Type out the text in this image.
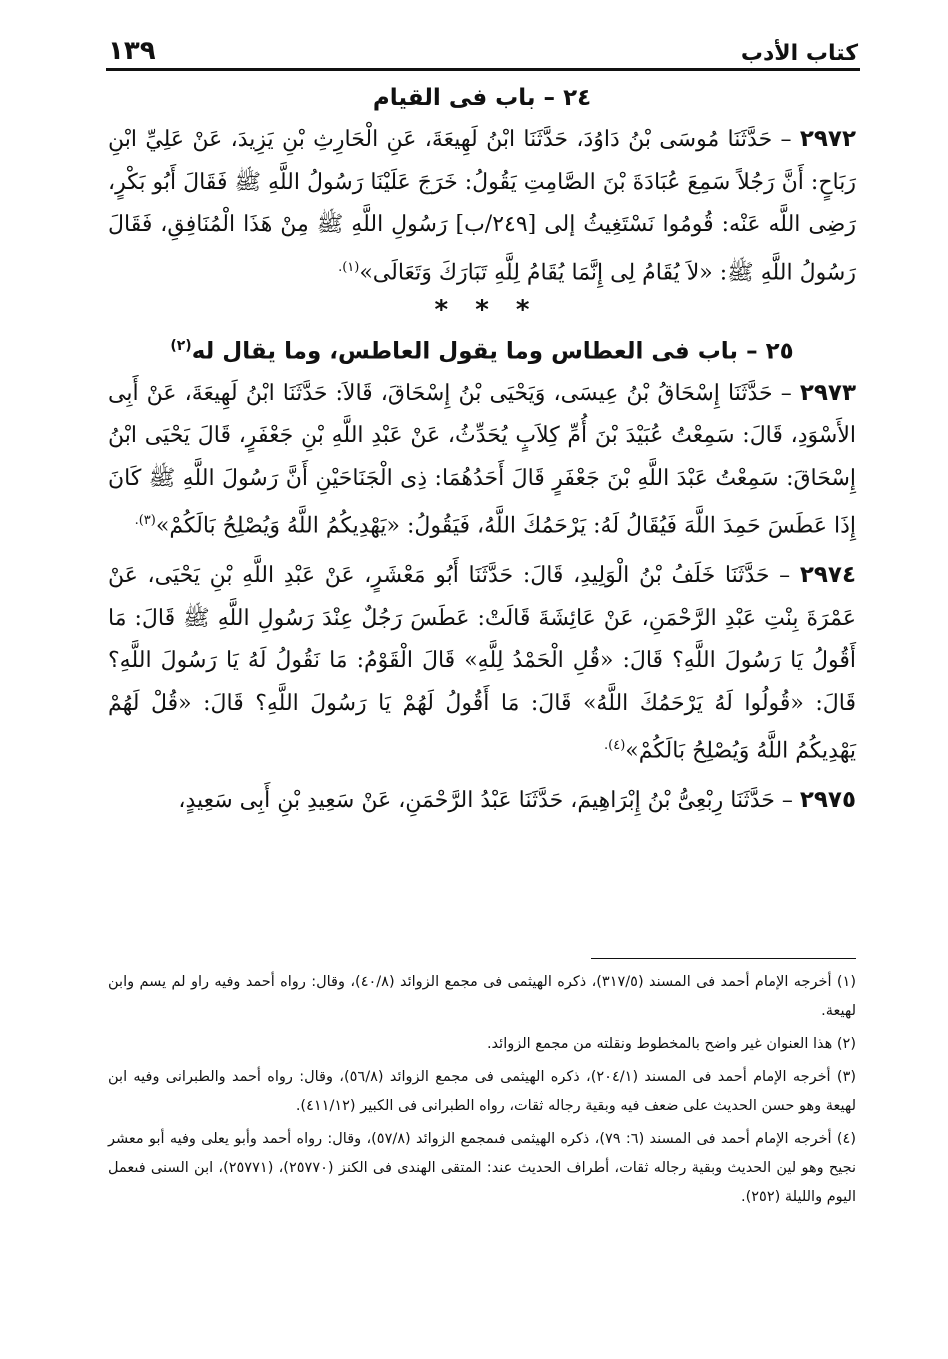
كتاب الأدب
١٣٩
٢٤ – باب فى القيام

٢٩٧٢ – حَدَّثَنَا مُوسَى بْنُ دَاوُدَ، حَدَّثَنَا ابْنُ لَهِيعَةَ، عَنِ الْحَارِثِ بْنِ يَزِيدَ، عَنْ عَلِيِّ ابْنِ رَبَاحٍ: أَنَّ رَجُلاً سَمِعَ عُبَادَةَ بْنَ الصَّامِتِ يَقُولُ: خَرَجَ عَلَيْنَا رَسُولُ اللَّهِ ﷺ فَقَالَ أَبُو بَكْرٍ، رَضِى اللَّه عَنْه: قُومُوا نَسْتَغِيثُ إلى [٢٤٩/ب] رَسُولِ اللَّهِ ﷺ مِنْ هَذَا الْمُنَافِقِ، فَقَالَ رَسُولُ اللَّهِ ﷺ: «لاَ يُقَامُ لِى إِنَّمَا يُقَامُ لِلَّهِ تَبَارَكَ وَتَعَالَى»$^{(١).}$

* * *
٢٥ – باب فى العطاس وما يقول العاطس، وما يقال له$^{(٢)}$

٢٩٧٣ – حَدَّثَنَا إِسْحَاقُ بْنُ عِيسَى، وَيَحْيَى بْنُ إِسْحَاقَ، قَالاَ: حَدَّثَنَا ابْنُ لَهِيعَةَ، عَنْ أَبِى الأَسْوَدِ، قَالَ: سَمِعْتُ عُبَيْدَ بْنَ أُمِّ كِلاَبٍ يُحَدِّثُ، عَنْ عَبْدِ اللَّهِ بْنِ جَعْفَرٍ، قَالَ يَحْيَى ابْنُ إِسْحَاقَ: سَمِعْتُ عَبْدَ اللَّهِ بْنَ جَعْفَرٍ قَالَ أَحَدُهُمَا: ذِى الْجَنَاحَيْنِ أَنَّ رَسُولَ اللَّهِ ﷺ كَانَ إِذَا عَطَسَ حَمِدَ اللَّهَ فَيُقَالُ لَهُ: يَرْحَمُكَ اللَّهُ، فَيَقُولُ: «يَهْدِيكُمُ اللَّهُ وَيُصْلِحُ بَالَكُمْ»$^{(٣).}$

٢٩٧٤ – حَدَّثَنَا خَلَفُ بْنُ الْوَلِيدِ، قَالَ: حَدَّثَنَا أَبُو مَعْشَرٍ، عَنْ عَبْدِ اللَّهِ بْنِ يَحْيَى، عَنْ عَمْرَةَ بِنْتِ عَبْدِ الرَّحْمَنِ، عَنْ عَائِشَةَ قَالَتْ: عَطَسَ رَجُلٌ عِنْدَ رَسُولِ اللَّهِ ﷺ قَالَ: مَا أَقُولُ يَا رَسُولَ اللَّهِ؟ قَالَ: «قُلِ الْحَمْدُ لِلَّهِ» قَالَ الْقَوْمُ: مَا نَقُولُ لَهُ يَا رَسُولَ اللَّهِ؟ قَالَ: «قُولُوا لَهُ يَرْحَمُكَ اللَّهُ» قَالَ: مَا أَقُولُ لَهُمْ يَا رَسُولَ اللَّهِ؟ قَالَ: «قُلْ لَهُمْ يَهْدِيكُمُ اللَّهُ وَيُصْلِحُ بَالَكُمْ»$^{(٤).}$

٢٩٧٥ – حَدَّثَنَا رِبْعِىُّ بْنُ إِبْرَاهِيمَ، حَدَّثَنَا عَبْدُ الرَّحْمَنِ، عَنْ سَعِيدِ بْنِ أَبِى سَعِيدٍ،

(١) أخرجه الإمام أحمد فى المسند (٣١٧/٥)، ذكره الهيثمى فى مجمع الزوائد (٤٠/٨)، وقال: رواه أحمد وفيه راو لم يسم وابن لهيعة.

(٢) هذا العنوان غير واضح بالمخطوط ونقلته من مجمع الزوائد.

(٣) أخرجه الإمام أحمد فى المسند (٢٠٤/١)، ذكره الهيثمى فى مجمع الزوائد (٥٦/٨)، وقال: رواه أحمد والطبرانى وفيه ابن لهيعة وهو حسن الحديث على ضعف فيه وبقية رجاله ثقات، رواه الطبرانى فى الكبير (٤١١/١٢).

(٤) أخرجه الإمام أحمد فى المسند (٦: ٧٩)، ذكره الهيثمى فىمجمع الزوائد (٥٧/٨)، وقال: رواه أحمد وأبو يعلى وفيه أبو معشر نجيح وهو لين الحديث وبقية رجاله ثقات، أطراف الحديث عند: المتقى الهندى فى الكنز (٢٥٧٧٠)، (٢٥٧٧١)، ابن السنى فىعمل اليوم والليلة (٢٥٢).
